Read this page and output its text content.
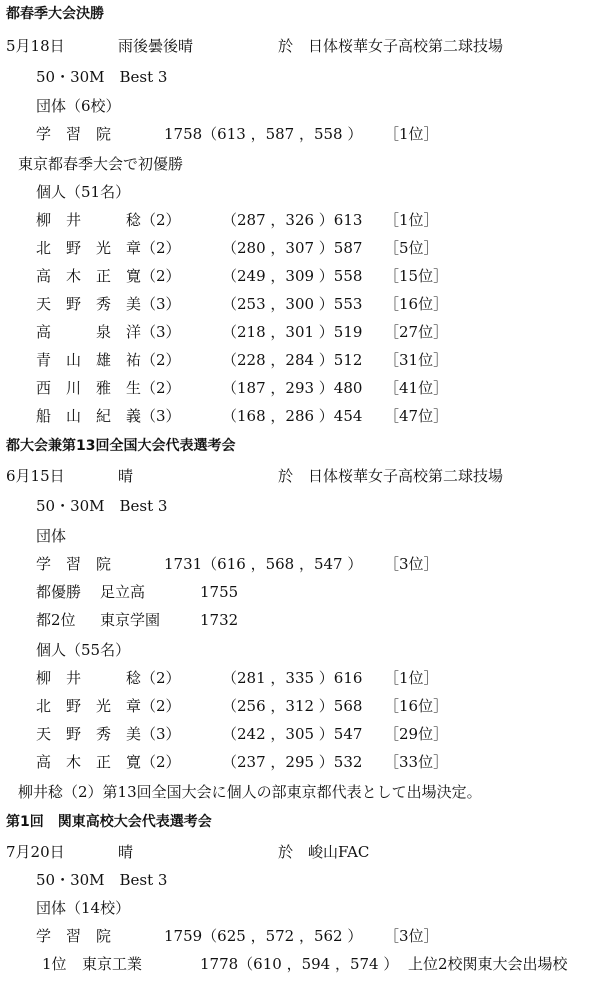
都春季大会決勝
5月18日	雨後曇後晴	於　日体桜華女子高校第二球技場
50・30M　Best 3
団体（6校）
学　習　院	1758（613 ，587 ，558 ） ［1位］
東京都春季大会で初優勝
個人（51名）
柳　井　　　稔（2）	（287 ，326 ）613 ［1位］
北　野　光　章（2）	（280 ，307 ）587 ［5位］
高　木　正　寛（2）	（249 ，309 ）558 ［15位］
天　野　秀　美（3）	（253 ，300 ）553 ［16位］
高　　　泉　洋（3）	（218 ，301 ）519 ［27位］
青　山　雄　祐（2）	（228 ，284 ）512 ［31位］
西　川　雅　生（2）	（187 ，293 ）480 ［41位］
船　山　紀　義（3）	（168 ，286 ）454 ［47位］
都大会兼第13回全国大会代表選考会
6月15日	晴	於　日体桜華女子高校第二球技場
50・30M　Best 3
団体
学　習　院	1731（616 ，568 ，547 ） ［3位］
都優勝 足立高	1755
都2位 東京学園	1732
個人（55名）
柳　井　　　稔（2）	（281 ，335 ）616 ［1位］
北　野　光　章（2）	（256 ，312 ）568 ［16位］
天　野　秀　美（3）	（242 ，305 ）547 ［29位］
高　木　正　寛（2）	（237 ，295 ）532 ［33位］
柳井稔（2）第13回全国大会に個人の部東京都代表として出場決定。
第1回　関東高校大会代表選考会
7月20日	晴	於　峻山FAC
50・30M　Best 3
団体（14校）
学　習　院	1759（625 ，572 ，562 ） ［3位］
1位 東京工業	1778（610 ，594 ，574 ） 上位2校関東大会出場校
